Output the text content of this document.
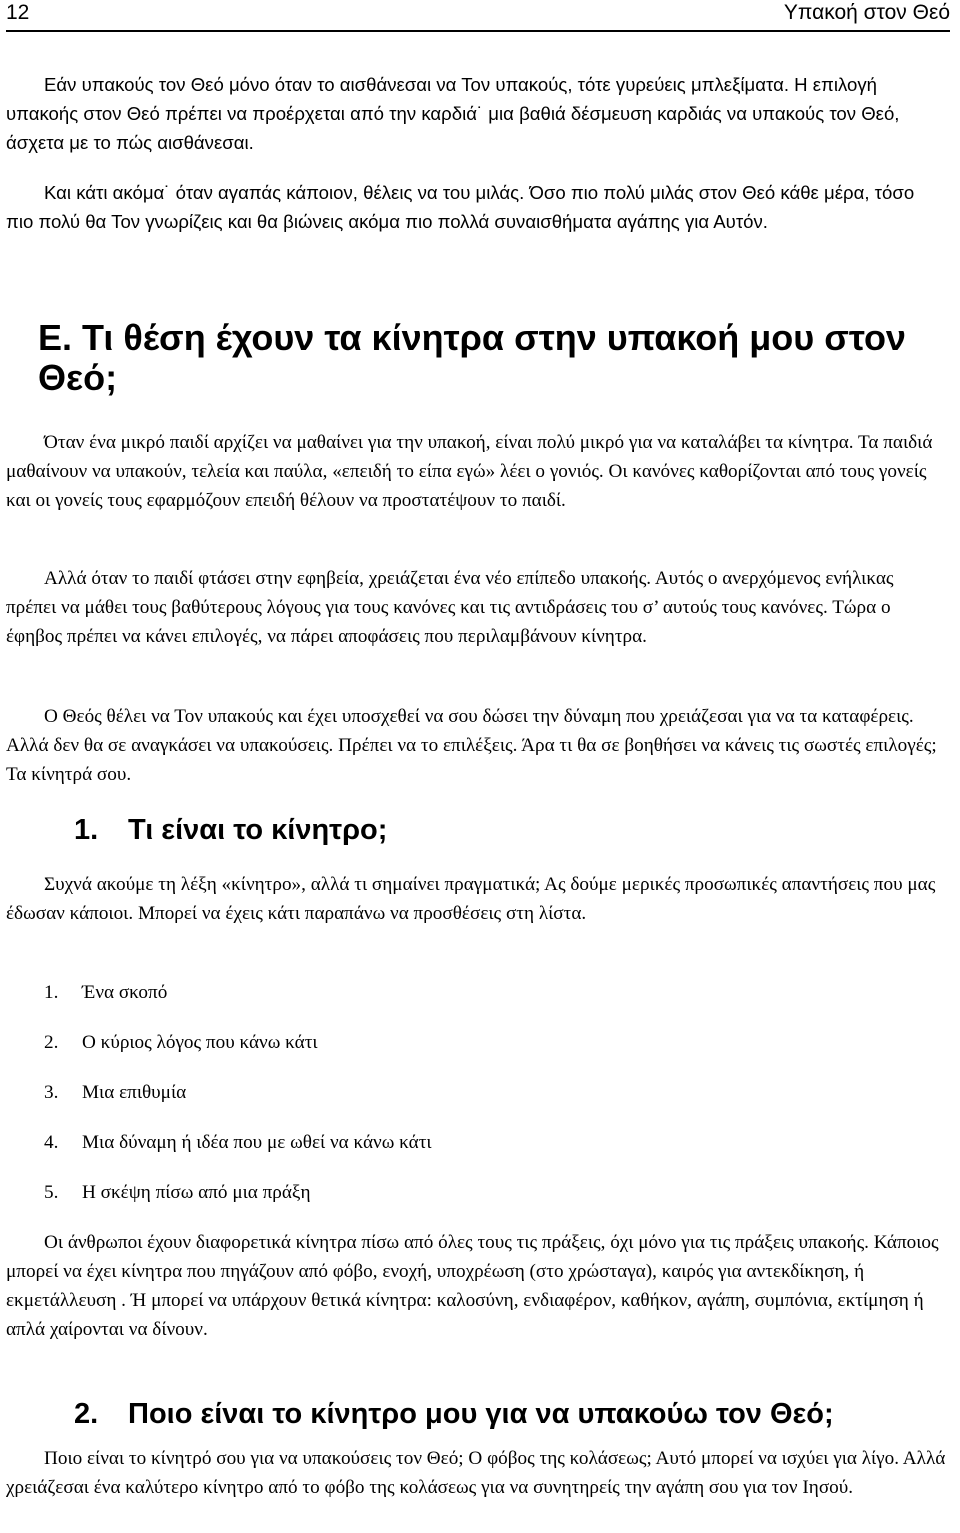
12	Υπακοή στον Θεό

Εάν υπακούς τον Θεό μόνο όταν το αισθάνεσαι να Τον υπακούς, τότε γυρεύεις μπλεξίματα. Η επιλογή υπακοής στον Θεό πρέπει να προέρχεται από την καρδιά˙ μια βαθιά δέσμευση καρδιάς να υπακούς τον Θεό, άσχετα με το πώς αισθάνεσαι.

Και κάτι ακόμα˙ όταν αγαπάς κάποιον, θέλεις να του μιλάς. Όσο πιο πολύ μιλάς στον Θεό κάθε μέρα, τόσο πιο πολύ θα Τον γνωρίζεις και θα βιώνεις ακόμα πιο πολλά συναισθήματα αγάπης για Αυτόν.

Ε. Τι θέση έχουν τα κίνητρα στην υπακοή μου στον Θεό;

Όταν ένα μικρό παιδί αρχίζει να μαθαίνει για την υπακοή, είναι πολύ μικρό για να καταλάβει τα κίνητρα. Τα παιδιά μαθαίνουν να υπακούν, τελεία και παύλα, «επειδή το είπα εγώ» λέει ο γονιός. Οι κανόνες καθορίζονται από τους γονείς και οι γονείς τους εφαρμόζουν επειδή θέλουν να προστατέψουν το παιδί.

Αλλά όταν το παιδί φτάσει στην εφηβεία, χρειάζεται ένα νέο επίπεδο υπακοής. Αυτός ο ανερχόμενος ενήλικας πρέπει να μάθει τους βαθύτερους λόγους για τους κανόνες και τις αντιδράσεις του σ’ αυτούς τους κανόνες. Τώρα ο έφηβος πρέπει να κάνει επιλογές, να πάρει αποφάσεις που περιλαμβάνουν κίνητρα.

Ο Θεός θέλει να Τον υπακούς και έχει υποσχεθεί να σου δώσει την δύναμη που χρειάζεσαι για να τα καταφέρεις. Αλλά δεν θα σε αναγκάσει να υπακούσεις. Πρέπει να το επιλέξεις. Άρα τι θα σε βοηθήσει να κάνεις τις σωστές επιλογές; Τα κίνητρά σου.

1. Τι είναι το κίνητρο;

Συχνά ακούμε τη λέξη «κίνητρο», αλλά τι σημαίνει πραγματικά; Ας δούμε μερικές προσωπικές απαντήσεις που μας έδωσαν κάποιοι. Μπορεί να έχεις κάτι παραπάνω να προσθέσεις στη λίστα.

1. Ένα σκοπό
2. Ο κύριος λόγος που κάνω κάτι
3. Μια επιθυμία
4. Μια δύναμη ή ιδέα που με ωθεί να κάνω κάτι
5. Η σκέψη πίσω από μια πράξη

Οι άνθρωποι έχουν διαφορετικά κίνητρα πίσω από όλες τους τις πράξεις, όχι μόνο για τις πράξεις υπακοής. Κάποιος μπορεί να έχει κίνητρα που πηγάζουν από φόβο, ενοχή, υποχρέωση (στο χρώσταγα), καιρός για αντεκδίκηση, ή εκμετάλλευση . Ή μπορεί να υπάρχουν θετικά κίνητρα: καλοσύνη, ενδιαφέρον, καθήκον, αγάπη, συμπόνια, εκτίμηση ή απλά χαίρονται να δίνουν.

2. Ποιο είναι το κίνητρο μου για να υπακούω τον Θεό;

Ποιο είναι το κίνητρό σου για να υπακούσεις τον Θεό; Ο φόβος της κολάσεως; Αυτό μπορεί να ισχύει για λίγο. Αλλά χρειάζεσαι ένα καλύτερο κίνητρο από το φόβο της κολάσεως για να συνητηρείς την αγάπη σου για τον Ιησού.
